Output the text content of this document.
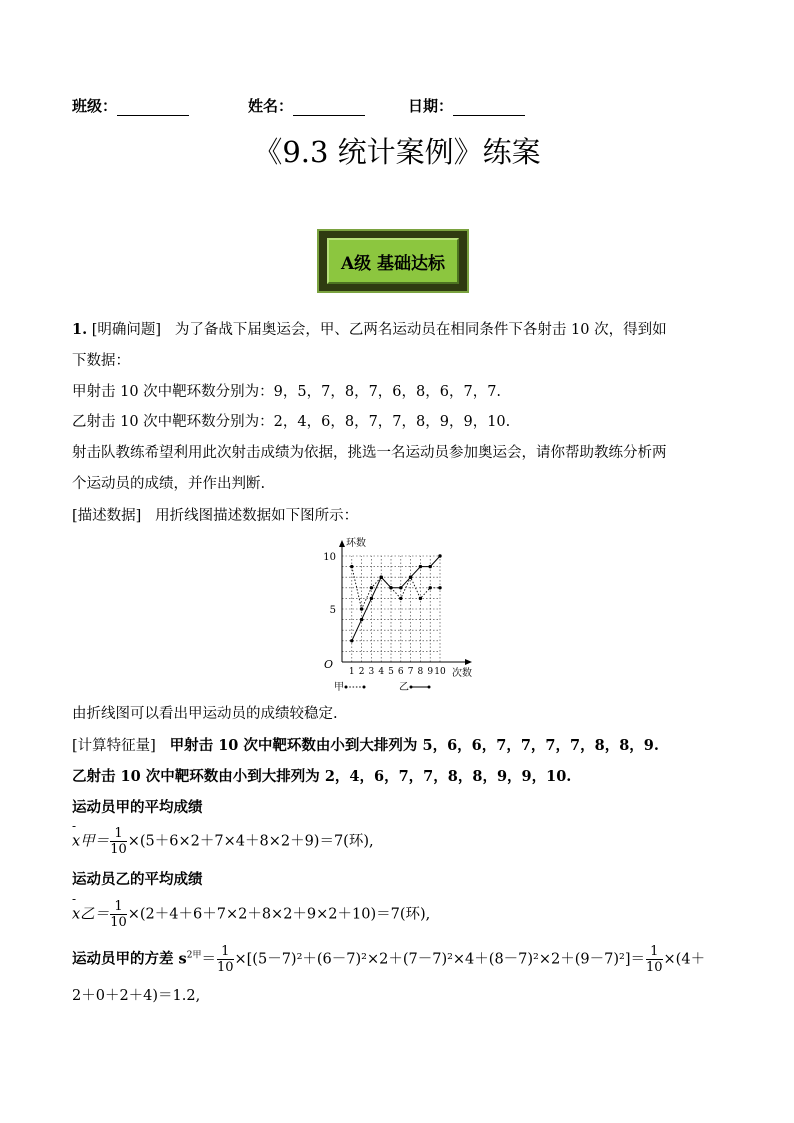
班级：	姓名：	日期：
《9.3 统计案例》练案
A级 基础达标
1. [明确问题] 为了备战下届奥运会，甲、乙两名运动员在相同条件下各射击 10 次，得到如
下数据：
甲射击 10 次中靶环数分别为：9，5，7，8，7，6，8，6，7，7.
乙射击 10 次中靶环数分别为：2，4，6，8，7，7，8，9，9，10.
射击队教练希望利用此次射击成绩为依据，挑选一名运动员参加奥运会，请你帮助教练分析两
个运动员的成绩，并作出判断.
[描述数据] 用折线图描述数据如下图所示：
O
5
10
1 2 3 4 5 6 7 8 9 10
环数
次数
甲	乙
由折线图可以看出甲运动员的成绩较稳定.
[计算特征量] 甲射击 10 次中靶环数由小到大排列为 5，6，6，7，7，7，7，8，8，9.
乙射击 10 次中靶环数由小到大排列为 2，4，6，7，7，8，8，9，9，10.
运动员甲的平均成绩
-
x甲＝ $\frac{1}{10} \times(5+6\times 2+7\times 4+8\times 2+9)=7$(环),
运动员乙的平均成绩
-
x乙＝ $\frac{1}{10} \times(2+4+6+7\times 2+8\times 2+9\times 2+10)=7$(环),
运动员甲的方差 $s^{2甲}= \frac{1}{10} \times[(5-7)^2+(6-7)^2\times 2+(7-7)^2\times 4+(8-7)^2\times 2+(9-7)^2]= \frac{1}{10} \times(4+$
2＋0＋2＋4)＝1.2,
